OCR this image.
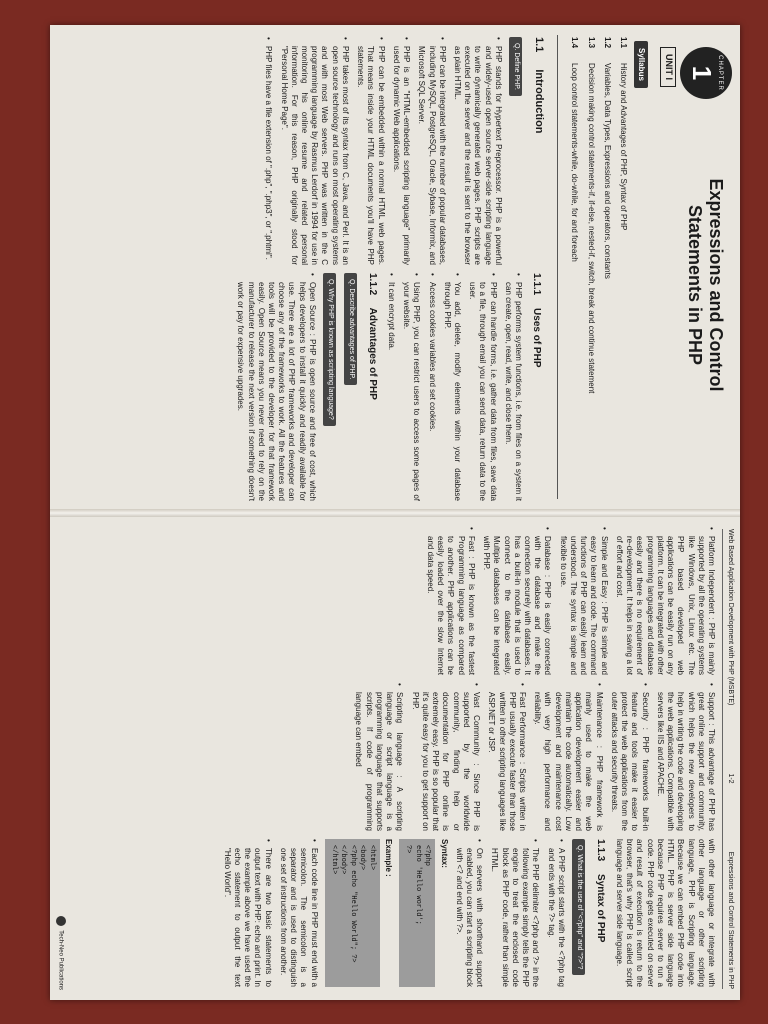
CHAPTER
1
UNIT I
Expressions and Control Statements in PHP
Syllabus
1.1
History and Advantages of PHP, Syntax of PHP
1.2
Variables, Data Types, Expressions and operators, constants
1.3
Decision making control statements-if, if-else, nested-if, switch, break and continue statement
1.4
Loop control statements-while, do-while, for and foreach
1.1 Introduction
Q. Define PHP.

• PHP stands for Hypertext Preprocessor. PHP is a powerful and widely-used open source server-side scripting language to write dynamically generated web pages. PHP scripts are executed on the server and the result is sent to the browser as plain HTML.

• PHP can be integrated with the number of popular databases, including MySQL, PostgreSQL, Oracle, Sybase, Informix, and Microsoft SQL Server.

• PHP is an "HTML-embedded scripting language" primarily used for dynamic Web applications.

• PHP can be embedded within a normal HTML web pages. That means inside your HTML documents you'll have PHP statements.

• PHP takes most of its syntax from C, Java, and Perl. It is an open source technology and runs on most operating systems and with most Web servers. PHP was written in the C programming language by Rasmus Lerdorf in 1994 for use in monitoring his online resume and related personal information. For this reason, PHP originally stood for "Personal Home Page".

• PHP files have a file extension of ".php", ".php3", or ".phtml".

1.1.1 Uses of PHP

• PHP performs system functions, i.e. from files on a system it can create, open, read, write, and close them.

• PHP can handle forms, i.e. gather data from files, save data to a file, through email you can send data, return data to the user.

• You add, delete, modify elements within your database through PHP.

• Access cookies variables and set cookies.

• Using PHP, you can restrict users to access some pages of your website.

• It can encrypt data.

1.1.2 Advantages of PHP
Q. Describe advantages of PHP.
Q. Why PHP is known as scripting language?

• Open Source : PHP is open source and free of cost, which helps developers to install it quickly and readily available for use. There are a lot of PHP frameworks and developer can choose any of the frameworks to work. All the features and tools will be provided to the developer for that framework easily. Open Source means you never need to rely on the manufacturer to release the next version if something doesn't work or pay for expensive upgrades.

Web Based Application Development with PHP (MSBTE)
1-2
Expressions and Control Statements in PHP

• Platform Independent : PHP is mainly supported by all the operating systems like Windows, Unix, Linux etc. The PHP based developed web applications can be easily run on any platform. It can be integrated with other programming languages and database easily and there is no requirement of re-development. It helps in saving a lot of effort and cost.

• Simple and Easy : PHP is simple and easy to learn and code. The command functions of PHP can easily learn and understood. The syntax is simple and flexible to use.

• Database : PHP is easily connected with the database and make the connection securely with databases. It has a built-in module that is used to connect to the database easily. Multiple databases can be integrated with PHP.

• Fast : PHP is known as the fastest Programming language as compared to another. PHP applications can be easily loaded over the slow Internet and data speed.

• Support : This advantage of PHP has great online support and community, which helps the new developers to help in writing the code and developing the web applications. Compatible with servers like IIS and APACHE.

• Security : PHP frameworks built-in feature and tools make it easier to protect the web applications from the outer attacks and security threats.

• Maintenance : PHP framework is mainly used to make the web application development easier and maintain the code automatically. Low development and maintenance cost with very high performance and reliability.

• Fast Performance : Scripts written in PHP usually execute faster than those written in other scripting languages like ASP.NET or JSP.

• Vast Community : Since PHP is supported by the worldwide community, finding help or documentation for PHP online is extremely easy. PHP is so popular that it's quite easy for you to get support on PHP.

• Scripting language : A scripting language or script language is a programming language that supports scripts. If code of programming language can embed

with other language or integrate with other language or other scripting language, PHP is Scripting language. Because we can embed PHP code into HTML. PHP is server side language because PHP requires server to run a code. PHP code gets executed on server and result of execution is return to the browser, that's why PHP is called script language and server side language.

1.1.3 Syntax of PHP
Q. What is the use of "<?php" and "?>"?

• A PHP script starts with the <?php tag and ends with the ?> tag.

• The PHP delimiter <?php and ?> in the following example simply tells the PHP engine to treat the enclosed code block as PHP code, rather than simple HTML.

• On servers with shorthand support enabled, you can start a scripting block with <? and end with ?>.

Syntax:
<?php
echo 'Hello world';
?>
Example :
<html>
<body>
<?php echo "Hello World"; ?>
</body>
</html>

• Each code line in PHP must end with a semicolon. The semicolon is a separator and is used to distinguish one set of instructions from another.

• There are two basic statements to output text with PHP: echo and print. In the example above we have used the echo statement to output the text "Hello World".

Tech-Neo Publications
